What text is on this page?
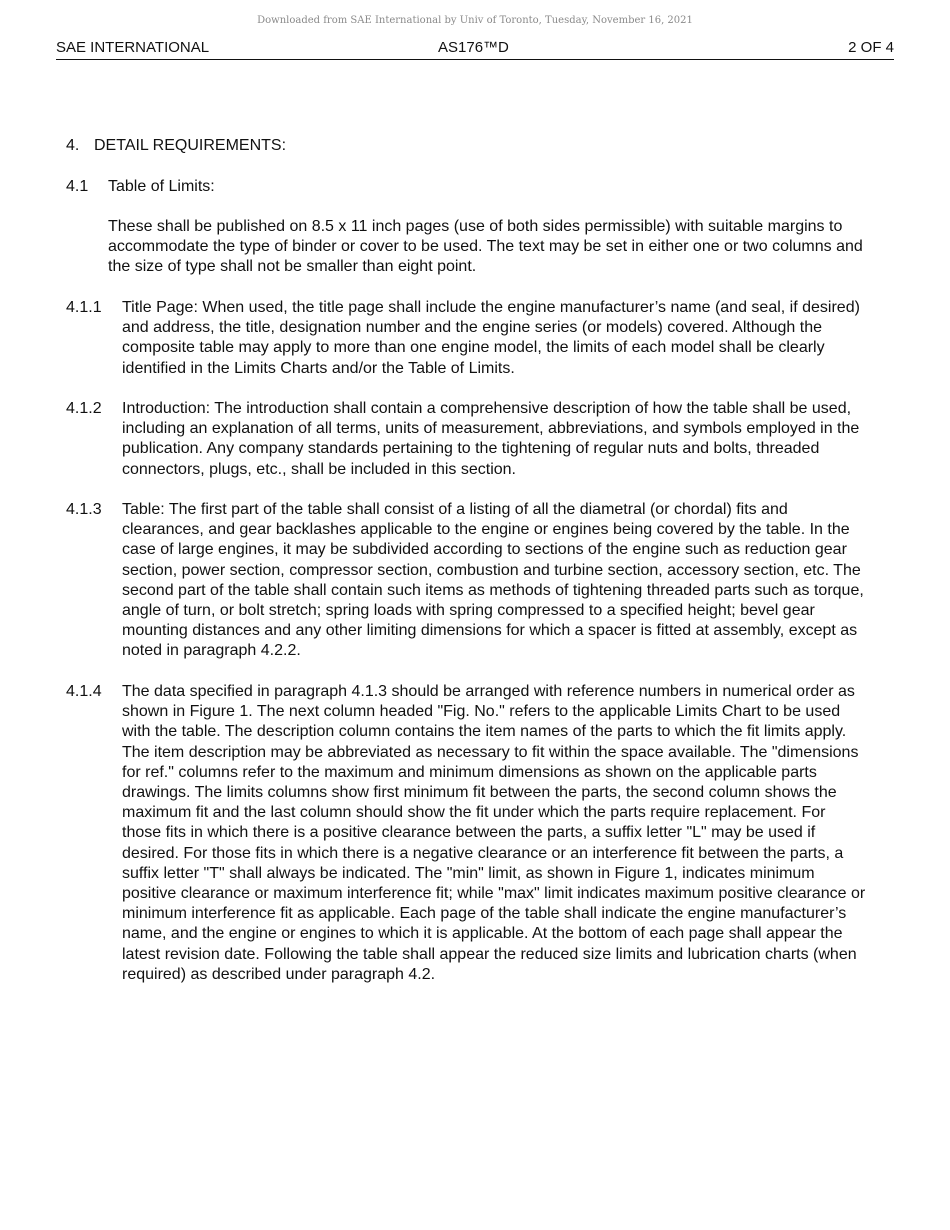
Downloaded from SAE International by Univ of Toronto, Tuesday, November 16, 2021
SAE INTERNATIONAL	AS176™D	2 OF 4
4. DETAIL REQUIREMENTS:
4.1 Table of Limits:
These shall be published on 8.5 x 11 inch pages (use of both sides permissible) with suitable margins to accommodate the type of binder or cover to be used. The text may be set in either one or two columns and the size of type shall not be smaller than eight point.
4.1.1	Title Page: When used, the title page shall include the engine manufacturer’s name (and seal, if desired) and address, the title, designation number and the engine series (or models) covered. Although the composite table may apply to more than one engine model, the limits of each model shall be clearly identified in the Limits Charts and/or the Table of Limits.
4.1.2	Introduction: The introduction shall contain a comprehensive description of how the table shall be used, including an explanation of all terms, units of measurement, abbreviations, and symbols employed in the publication. Any company standards pertaining to the tightening of regular nuts and bolts, threaded connectors, plugs, etc., shall be included in this section.
4.1.3	Table: The first part of the table shall consist of a listing of all the diametral (or chordal) fits and clearances, and gear backlashes applicable to the engine or engines being covered by the table. In the case of large engines, it may be subdivided according to sections of the engine such as reduction gear section, power section, compressor section, combustion and turbine section, accessory section, etc. The second part of the table shall contain such items as methods of tightening threaded parts such as torque, angle of turn, or bolt stretch; spring loads with spring compressed to a specified height; bevel gear mounting distances and any other limiting dimensions for which a spacer is fitted at assembly, except as noted in paragraph 4.2.2.
4.1.4	The data specified in paragraph 4.1.3 should be arranged with reference numbers in numerical order as shown in Figure 1. The next column headed "Fig. No." refers to the applicable Limits Chart to be used with the table. The description column contains the item names of the parts to which the fit limits apply. The item description may be abbreviated as necessary to fit within the space available. The "dimensions for ref." columns refer to the maximum and minimum dimensions as shown on the applicable parts drawings. The limits columns show first minimum fit between the parts, the second column shows the maximum fit and the last column should show the fit under which the parts require replacement. For those fits in which there is a positive clearance between the parts, a suffix letter "L" may be used if desired. For those fits in which there is a negative clearance or an interference fit between the parts, a suffix letter "T" shall always be indicated. The "min" limit, as shown in Figure 1, indicates minimum positive clearance or maximum interference fit; while "max" limit indicates maximum positive clearance or minimum interference fit as applicable. Each page of the table shall indicate the engine manufacturer’s name, and the engine or engines to which it is applicable. At the bottom of each page shall appear the latest revision date. Following the table shall appear the reduced size limits and lubrication charts (when required) as described under paragraph 4.2.
